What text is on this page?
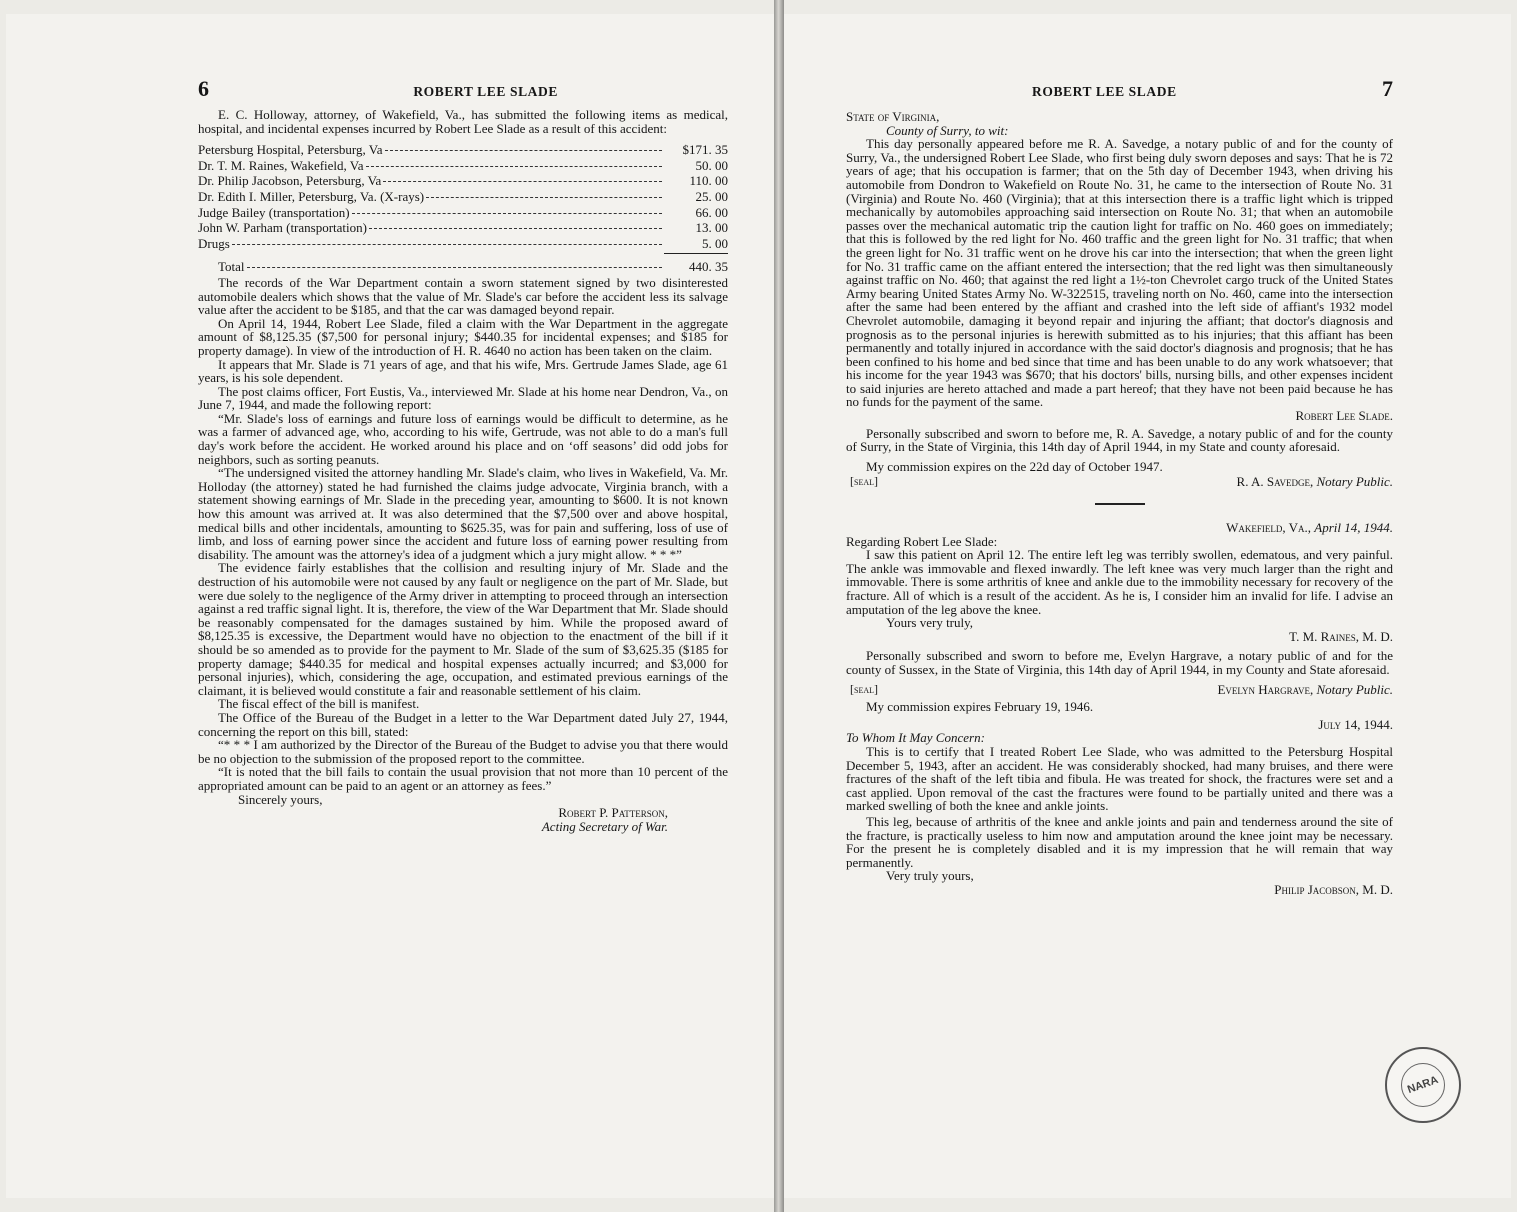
6	ROBERT LEE SLADE

E. C. Holloway, attorney, of Wakefield, Va., has submitted the following items as medical, hospital, and incidental expenses incurred by Robert Lee Slade as a result of this accident:

Petersburg Hospital, Petersburg, Va	$171. 35
Dr. T. M. Raines, Wakefield, Va	50. 00
Dr. Philip Jacobson, Petersburg, Va	110. 00
Dr. Edith I. Miller, Petersburg, Va. (X-rays)	25. 00
Judge Bailey (transportation)	66. 00
John W. Parham (transportation)	13. 00
Drugs	5. 00
Total	440. 35

The records of the War Department contain a sworn statement signed by two disinterested automobile dealers which shows that the value of Mr. Slade's car before the accident less its salvage value after the accident to be $185, and that the car was damaged beyond repair.

On April 14, 1944, Robert Lee Slade, filed a claim with the War Department in the aggregate amount of $8,125.35 ($7,500 for personal injury; $440.35 for incidental expenses; and $185 for property damage). In view of the introduction of H. R. 4640 no action has been taken on the claim.

It appears that Mr. Slade is 71 years of age, and that his wife, Mrs. Gertrude James Slade, age 61 years, is his sole dependent.

The post claims officer, Fort Eustis, Va., interviewed Mr. Slade at his home near Dendron, Va., on June 7, 1944, and made the following report:

“Mr. Slade's loss of earnings and future loss of earnings would be difficult to determine, as he was a farmer of advanced age, who, according to his wife, Gertrude, was not able to do a man's full day's work before the accident. He worked around his place and on ‘off seasons’ did odd jobs for neighbors, such as sorting peanuts.

“The undersigned visited the attorney handling Mr. Slade's claim, who lives in Wakefield, Va. Mr. Holloday (the attorney) stated he had furnished the claims judge advocate, Virginia branch, with a statement showing earnings of Mr. Slade in the preceding year, amounting to $600. It is not known how this amount was arrived at. It was also determined that the $7,500 over and above hospital, medical bills and other incidentals, amounting to $625.35, was for pain and suffering, loss of use of limb, and loss of earning power since the accident and future loss of earning power resulting from disability. The amount was the attorney's idea of a judgment which a jury might allow. * * *”

The evidence fairly establishes that the collision and resulting injury of Mr. Slade and the destruction of his automobile were not caused by any fault or negligence on the part of Mr. Slade, but were due solely to the negligence of the Army driver in attempting to proceed through an intersection against a red traffic signal light. It is, therefore, the view of the War Department that Mr. Slade should be reasonably compensated for the damages sustained by him. While the proposed award of $8,125.35 is excessive, the Department would have no objection to the enactment of the bill if it should be so amended as to provide for the payment to Mr. Slade of the sum of $3,625.35 ($185 for property damage; $440.35 for medical and hospital expenses actually incurred; and $3,000 for personal injuries), which, considering the age, occupation, and estimated previous earnings of the claimant, it is believed would constitute a fair and reasonable settlement of his claim.

The fiscal effect of the bill is manifest.

The Office of the Bureau of the Budget in a letter to the War Department dated July 27, 1944, concerning the report on this bill, stated:

“* * * I am authorized by the Director of the Bureau of the Budget to advise you that there would be no objection to the submission of the proposed report to the committee.

“It is noted that the bill fails to contain the usual provision that not more than 10 percent of the appropriated amount can be paid to an agent or an attorney as fees.”

Sincerely yours,

Robert P. Patterson,
Acting Secretary of War.
ROBERT LEE SLADE	7
State of Virginia,
County of Surry, to wit:

This day personally appeared before me R. A. Savedge, a notary public of and for the county of Surry, Va., the undersigned Robert Lee Slade, who first being duly sworn deposes and says: That he is 72 years of age; that his occupation is farmer; that on the 5th day of December 1943, when driving his automobile from Dondron to Wakefield on Route No. 31, he came to the intersection of Route No. 31 (Virginia) and Route No. 460 (Virginia); that at this intersection there is a traffic light which is tripped mechanically by automobiles approaching said intersection on Route No. 31; that when an automobile passes over the mechanical automatic trip the caution light for traffic on No. 460 goes on immediately; that this is followed by the red light for No. 460 traffic and the green light for No. 31 traffic; that when the green light for No. 31 traffic went on he drove his car into the intersection; that when the green light for No. 31 traffic came on the affiant entered the intersection; that the red light was then simultaneously against traffic on No. 460; that against the red light a 1½-ton Chevrolet cargo truck of the United States Army bearing United States Army No. W-322515, traveling north on No. 460, came into the intersection after the same had been entered by the affiant and crashed into the left side of affiant's 1932 model Chevrolet automobile, damaging it beyond repair and injuring the affiant; that doctor's diagnosis and prognosis as to the personal injuries is herewith submitted as to his injuries; that this affiant has been permanently and totally injured in accordance with the said doctor's diagnosis and prognosis; that he has been confined to his home and bed since that time and has been unable to do any work whatsoever; that his income for the year 1943 was $670; that his doctors' bills, nursing bills, and other expenses incident to said injuries are hereto attached and made a part hereof; that they have not been paid because he has no funds for the payment of the same.

Robert Lee Slade.

Personally subscribed and sworn to before me, R. A. Savedge, a notary public of and for the county of Surry, in the State of Virginia, this 14th day of April 1944, in my State and county aforesaid.

My commission expires on the 22d day of October 1947.

[seal]	R. A. Savedge, Notary Public.
Wakefield, Va., April 14, 1944.

Regarding Robert Lee Slade:

I saw this patient on April 12. The entire left leg was terribly swollen, edematous, and very painful. The ankle was immovable and flexed inwardly. The left knee was very much larger than the right and immovable. There is some arthritis of knee and ankle due to the immobility necessary for recovery of the fracture. All of which is a result of the accident. As he is, I consider him an invalid for life. I advise an amputation of the leg above the knee.

Yours very truly,

T. M. Raines, M. D.

Personally subscribed and sworn to before me, Evelyn Hargrave, a notary public of and for the county of Sussex, in the State of Virginia, this 14th day of April 1944, in my County and State aforesaid.

[seal]	Evelyn Hargrave, Notary Public.

My commission expires February 19, 1946.

July 14, 1944.

To Whom It May Concern:

This is to certify that I treated Robert Lee Slade, who was admitted to the Petersburg Hospital December 5, 1943, after an accident. He was considerably shocked, had many bruises, and there were fractures of the shaft of the left tibia and fibula. He was treated for shock, the fractures were set and a cast applied. Upon removal of the cast the fractures were found to be partially united and there was a marked swelling of both the knee and ankle joints.

This leg, because of arthritis of the knee and ankle joints and pain and tenderness around the site of the fracture, is practically useless to him now and amputation around the knee joint may be necessary. For the present he is completely disabled and it is my impression that he will remain that way permanently.

Very truly yours,

Philip Jacobson, M. D.
NARA
